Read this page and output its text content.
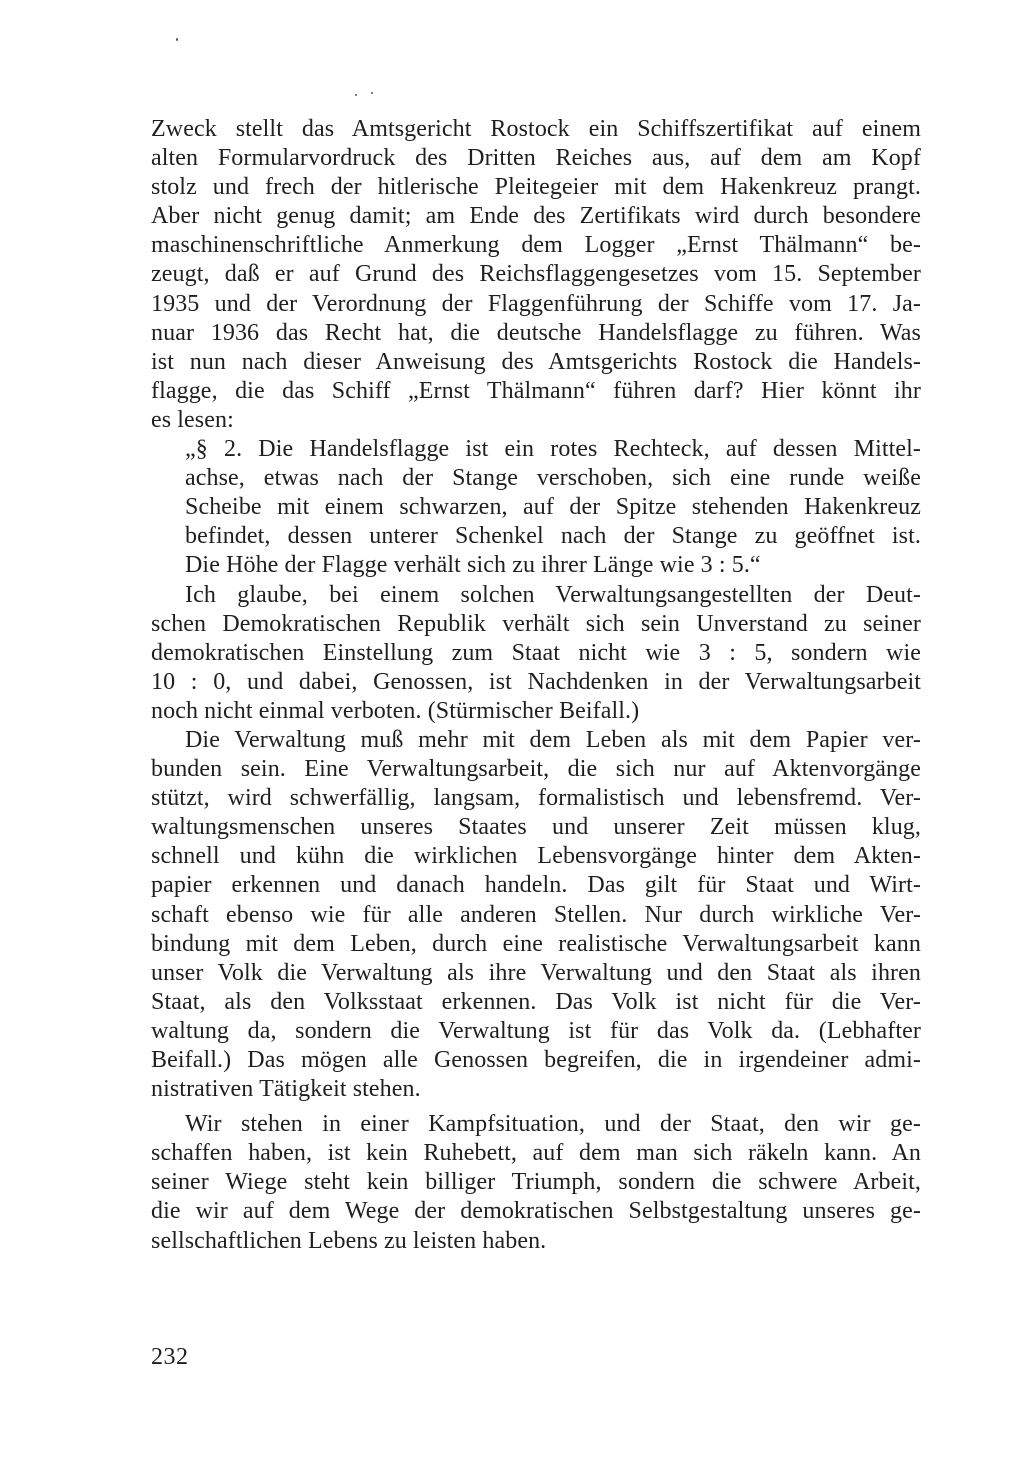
Zweck stellt das Amtsgericht Rostock ein Schiffszertifikat auf einem
alten Formularvordruck des Dritten Reiches aus, auf dem am Kopf
stolz und frech der hitlerische Pleitegeier mit dem Hakenkreuz prangt.
Aber nicht genug damit; am Ende des Zertifikats wird durch besondere
maschinenschriftliche Anmerkung dem Logger „Ernst Thälmann“ be-
zeugt, daß er auf Grund des Reichsflaggengesetzes vom 15. September
1935 und der Verordnung der Flaggenführung der Schiffe vom 17. Ja-
nuar 1936 das Recht hat, die deutsche Handelsflagge zu führen. Was
ist nun nach dieser Anweisung des Amtsgerichts Rostock die Handels-
flagge, die das Schiff „Ernst Thälmann“ führen darf? Hier könnt ihr
es lesen:
„§ 2. Die Handelsflagge ist ein rotes Rechteck, auf dessen Mittel-
achse, etwas nach der Stange verschoben, sich eine runde weiße
Scheibe mit einem schwarzen, auf der Spitze stehenden Hakenkreuz
befindet, dessen unterer Schenkel nach der Stange zu geöffnet ist.
Die Höhe der Flagge verhält sich zu ihrer Länge wie 3 : 5.“
Ich glaube, bei einem solchen Verwaltungsangestellten der Deut-
schen Demokratischen Republik verhält sich sein Unverstand zu seiner
demokratischen Einstellung zum Staat nicht wie 3 : 5, sondern wie
10 : 0, und dabei, Genossen, ist Nachdenken in der Verwaltungsarbeit
noch nicht einmal verboten. (Stürmischer Beifall.)
Die Verwaltung muß mehr mit dem Leben als mit dem Papier ver-
bunden sein. Eine Verwaltungsarbeit, die sich nur auf Aktenvorgänge
stützt, wird schwerfällig, langsam, formalistisch und lebensfremd. Ver-
waltungsmenschen unseres Staates und unserer Zeit müssen klug,
schnell und kühn die wirklichen Lebensvorgänge hinter dem Akten-
papier erkennen und danach handeln. Das gilt für Staat und Wirt-
schaft ebenso wie für alle anderen Stellen. Nur durch wirkliche Ver-
bindung mit dem Leben, durch eine realistische Verwaltungsarbeit kann
unser Volk die Verwaltung als ihre Verwaltung und den Staat als ihren
Staat, als den Volksstaat erkennen. Das Volk ist nicht für die Ver-
waltung da, sondern die Verwaltung ist für das Volk da. (Lebhafter
Beifall.) Das mögen alle Genossen begreifen, die in irgendeiner admi-
nistrativen Tätigkeit stehen.
Wir stehen in einer Kampfsituation, und der Staat, den wir ge-
schaffen haben, ist kein Ruhebett, auf dem man sich räkeln kann. An
seiner Wiege steht kein billiger Triumph, sondern die schwere Arbeit,
die wir auf dem Wege der demokratischen Selbstgestaltung unseres ge-
sellschaftlichen Lebens zu leisten haben.
232
